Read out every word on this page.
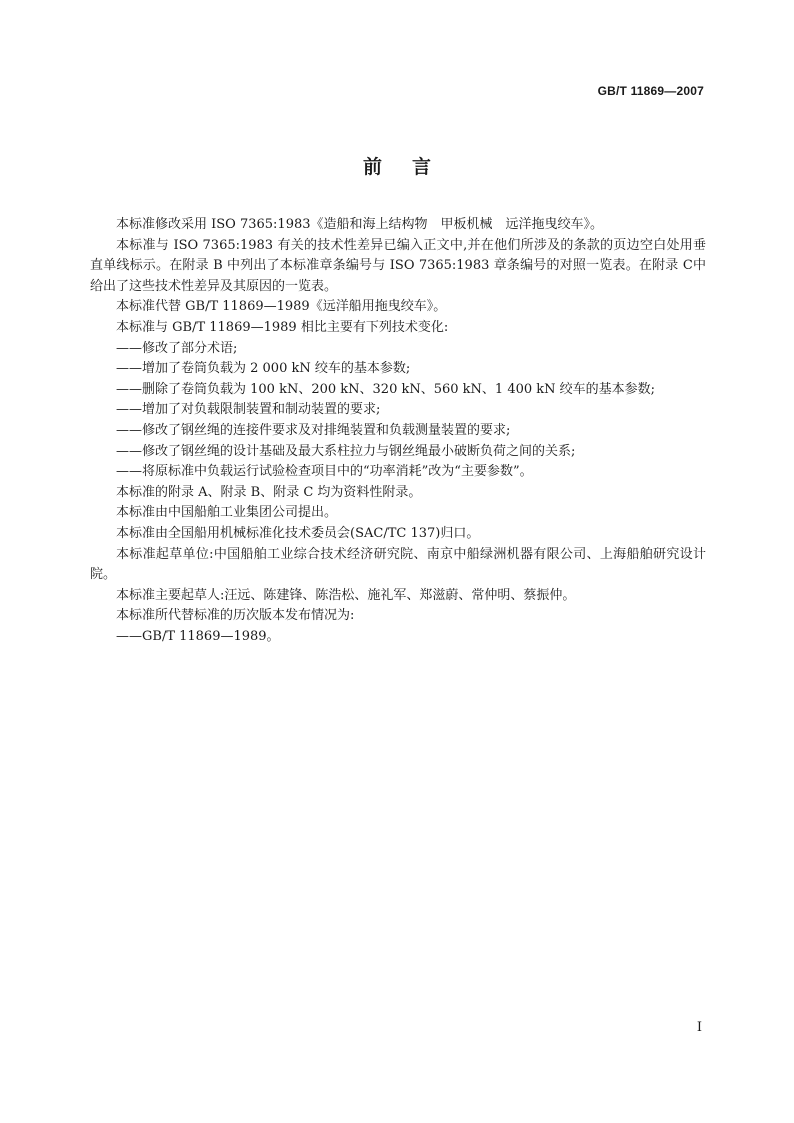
GB/T 11869—2007
前言

本标准修改采用 ISO 7365:1983《造船和海上结构物　甲板机械　远洋拖曳绞车》。

本标准与 ISO 7365:1983 有关的技术性差异已编入正文中,并在他们所涉及的条款的页边空白处用垂直单线标示。在附录 B 中列出了本标准章条编号与 ISO 7365:1983 章条编号的对照一览表。在附录 C中给出了这些技术性差异及其原因的一览表。

本标准代替 GB/T 11869—1989《远洋船用拖曳绞车》。

本标准与 GB/T 11869—1989 相比主要有下列技术变化:

——修改了部分术语;

——增加了卷筒负载为 2 000 kN 绞车的基本参数;

——删除了卷筒负载为 100 kN、200 kN、320 kN、560 kN、1 400 kN 绞车的基本参数;

——增加了对负载限制装置和制动装置的要求;

——修改了钢丝绳的连接件要求及对排绳装置和负载测量装置的要求;

——修改了钢丝绳的设计基础及最大系柱拉力与钢丝绳最小破断负荷之间的关系;

——将原标准中负载运行试验检查项目中的“功率消耗”改为“主要参数”。

本标准的附录 A、附录 B、附录 C 均为资料性附录。

本标准由中国船舶工业集团公司提出。

本标准由全国船用机械标准化技术委员会(SAC/TC 137)归口。

本标准起草单位:中国船舶工业综合技术经济研究院、南京中船绿洲机器有限公司、上海船舶研究设计院。

本标准主要起草人:汪远、陈建锋、陈浩松、施礼军、郑滋蔚、常仲明、蔡振仲。

本标准所代替标准的历次版本发布情况为:

——GB/T 11869—1989。

I
